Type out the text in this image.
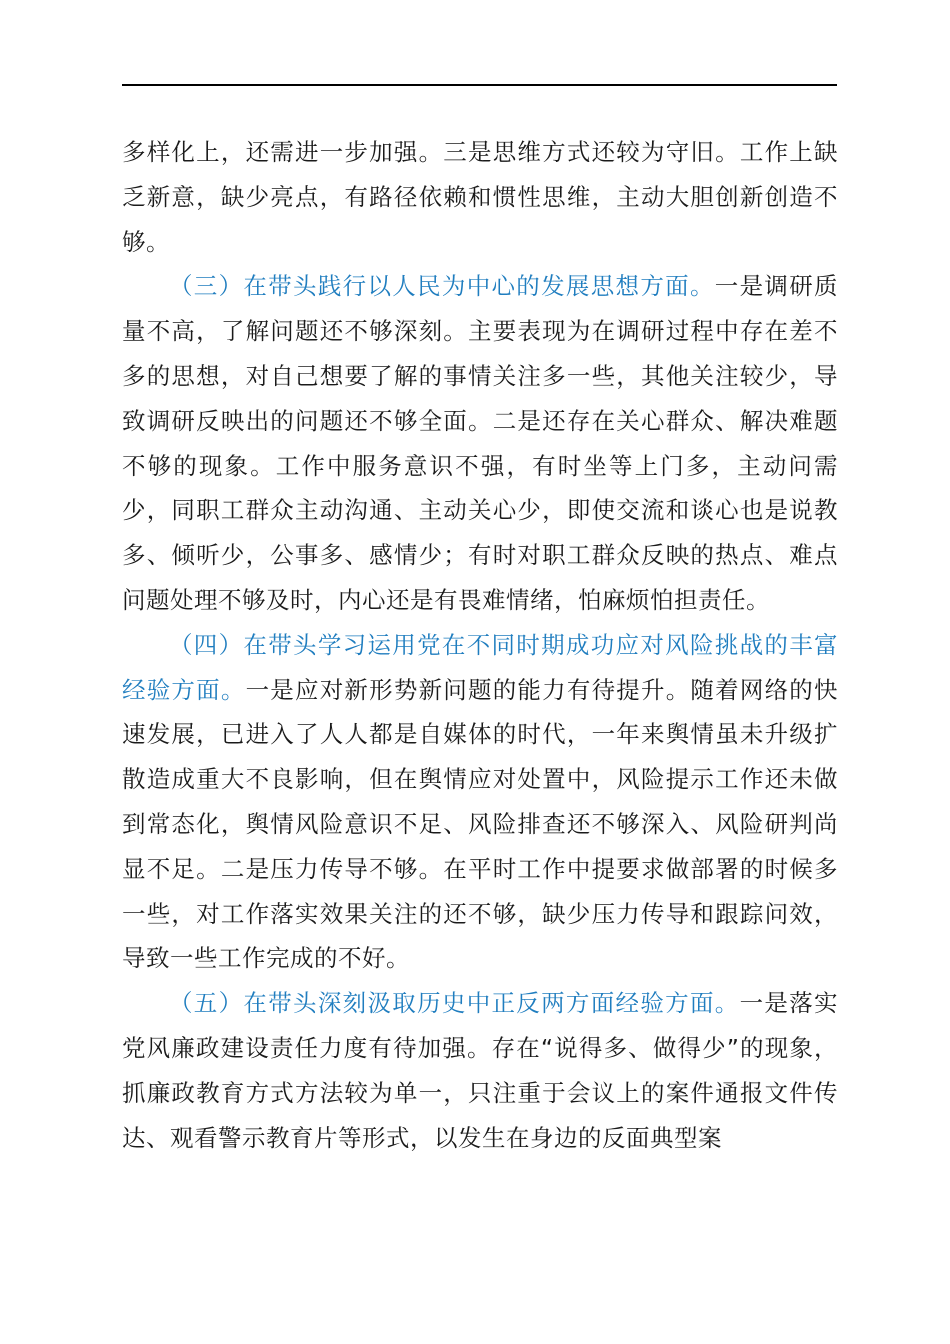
多样化上，还需进一步加强。三是思维方式还较为守旧。工作上缺乏新意，缺少亮点，有路径依赖和惯性思维，主动大胆创新创造不够。

（三）在带头践行以人民为中心的发展思想方面。一是调研质量不高，了解问题还不够深刻。主要表现为在调研过程中存在差不多的思想，对自己想要了解的事情关注多一些，其他关注较少，导致调研反映出的问题还不够全面。二是还存在关心群众、解决难题不够的现象。工作中服务意识不强，有时坐等上门多，主动问需少，同职工群众主动沟通、主动关心少，即使交流和谈心也是说教多、倾听少，公事多、感情少；有时对职工群众反映的热点、难点问题处理不够及时，内心还是有畏难情绪，怕麻烦怕担责任。

（四）在带头学习运用党在不同时期成功应对风险挑战的丰富经验方面。一是应对新形势新问题的能力有待提升。随着网络的快速发展，已进入了人人都是自媒体的时代，一年来舆情虽未升级扩散造成重大不良影响，但在舆情应对处置中，风险提示工作还未做到常态化，舆情风险意识不足、风险排查还不够深入、风险研判尚显不足。二是压力传导不够。在平时工作中提要求做部署的时候多一些，对工作落实效果关注的还不够，缺少压力传导和跟踪问效，导致一些工作完成的不好。

（五）在带头深刻汲取历史中正反两方面经验方面。一是落实党风廉政建设责任力度有待加强。存在“说得多、做得少”的现象，抓廉政教育方式方法较为单一，只注重于会议上的案件通报文件传达、观看警示教育片等形式，以发生在身边的反面典型案
